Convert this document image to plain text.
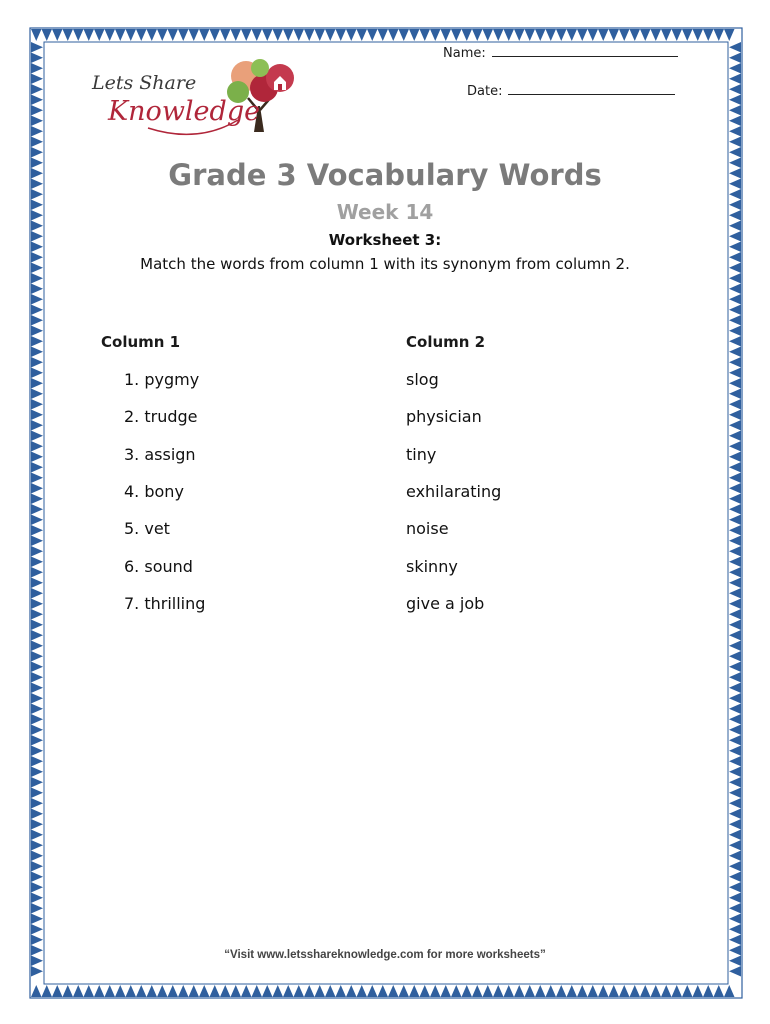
Name:
Date:
Lets Share
Knowledge
Grade 3 Vocabulary Words
Week 14
Worksheet 3:
Match the words from column 1 with its synonym from column 2.
Column 1	Column 2
1. pygmy
2. trudge
3. assign
4. bony
5. vet
6. sound
7. thrilling
slog
physician
tiny
exhilarating
noise
skinny
give a job
“Visit www.letsshareknowledge.com for more worksheets”
